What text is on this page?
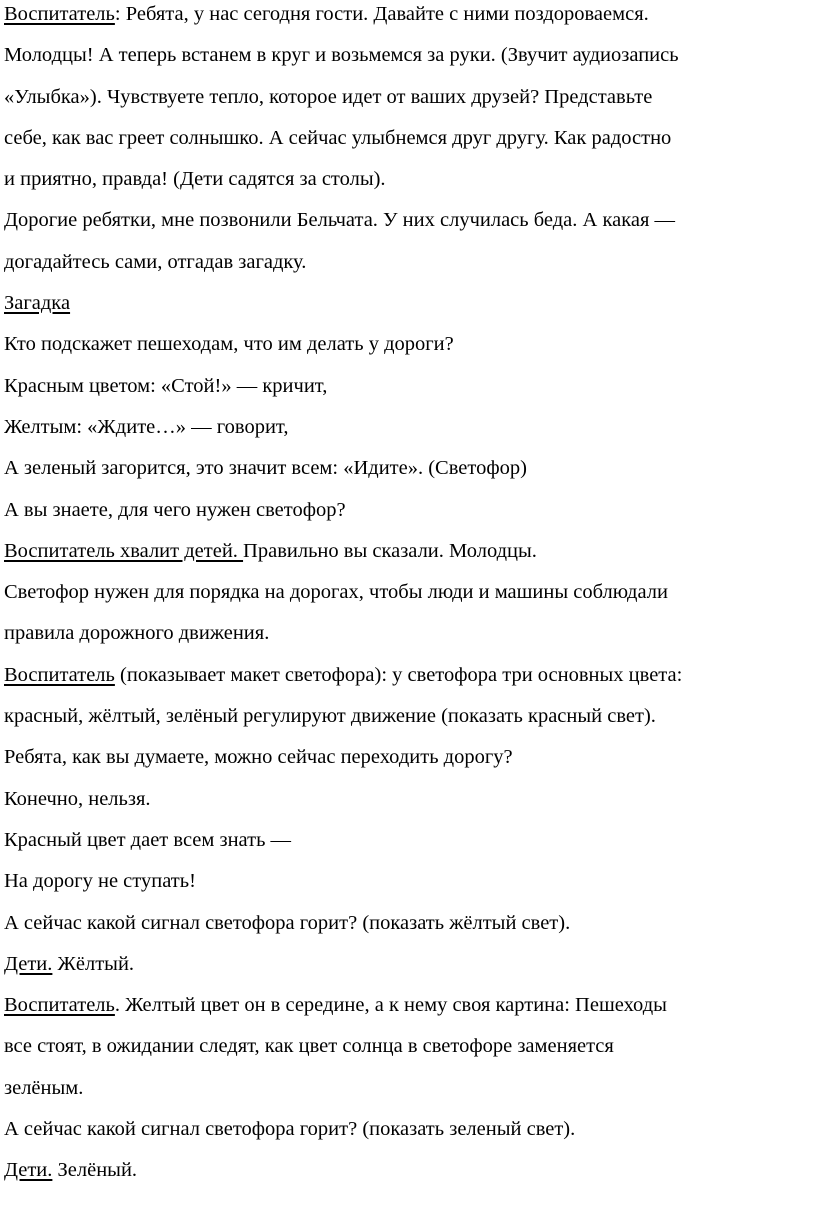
Воспитатель: Ребята, у нас сегодня гости. Давайте с ними поздороваемся.

Молодцы! А теперь встанем в круг и возьмемся за руки. (Звучит аудиозапись

«Улыбка»). Чувствуете тепло, которое идет от ваших друзей? Представьте

себе, как вас греет солнышко. А сейчас улыбнемся друг другу. Как радостно

и приятно, правда! (Дети садятся за столы).

Дорогие ребятки, мне позвонили Бельчата. У них случилась беда. А какая —

догадайтесь сами, отгадав загадку.

Загадка

Кто подскажет пешеходам, что им делать у дороги?

Красным цветом: «Стой!» — кричит,

Желтым: «Ждите…» — говорит,

А зеленый загорится, это значит всем: «Идите». (Светофор)

А вы знаете, для чего нужен светофор?

Воспитатель хвалит детей. Правильно вы сказали. Молодцы.

Светофор нужен для порядка на дорогах, чтобы люди и машины соблюдали

правила дорожного движения.

Воспитатель (показывает макет светофора): у светофора три основных цвета:

красный, жёлтый, зелёный регулируют движение (показать красный свет).

Ребята, как вы думаете, можно сейчас переходить дорогу?

Конечно, нельзя.

Красный цвет дает всем знать —

На дорогу не ступать!

А сейчас какой сигнал светофора горит? (показать жёлтый свет).

Дети. Жёлтый.

Воспитатель. Желтый цвет он в середине, а к нему своя картина: Пешеходы

все стоят, в ожидании следят, как цвет солнца в светофоре заменяется

зелёным.

А сейчас какой сигнал светофора горит? (показать зеленый свет).

Дети. Зелёный.
